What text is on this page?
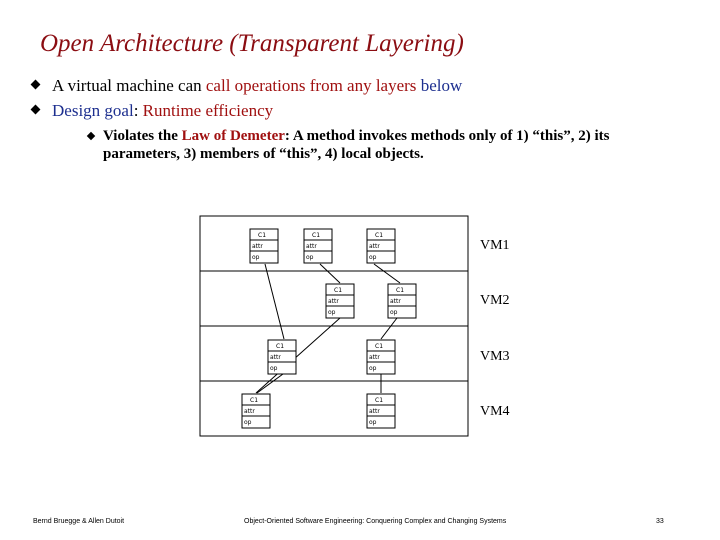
Open Architecture (Transparent Layering)
A virtual machine can call operations from any layers below
Design goal: Runtime efficiency
Violates the Law of Demeter: A method invokes methods only of 1) “this”, 2) its parameters, 3) members of “this”, 4) local objects.
C1
attr
op
C1
attr
op
C1
attr
op
C1
attr
op
C1
attr
op
C1
attr
op
C1
attr
op
C1
attr
op
C1
attr
op
VM1
VM2
VM3
VM4
Bernd Bruegge & Allen Dutoit	Object-Oriented Software Engineering: Conquering Complex and Changing Systems	33
